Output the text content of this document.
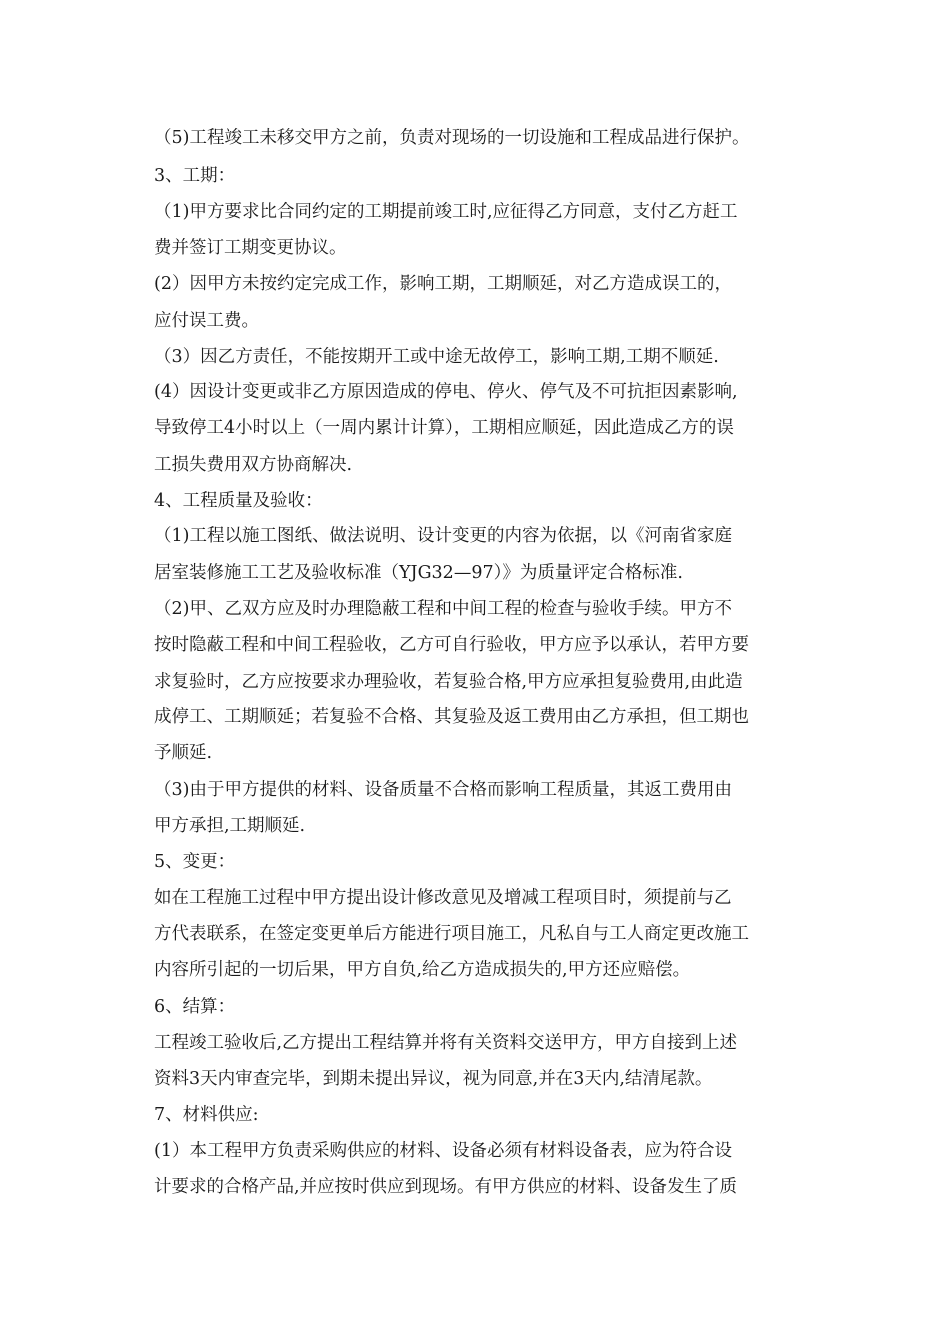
（5)工程竣工未移交甲方之前，负责对现场的一切设施和工程成品进行保护。
3、工期：
（1)甲方要求比合同约定的工期提前竣工时,应征得乙方同意，支付乙方赶工
费并签订工期变更协议。
(2）因甲方未按约定完成工作，影响工期，工期顺延，对乙方造成误工的，
应付误工费。
（3）因乙方责任，不能按期开工或中途无故停工，影响工期,工期不顺延.
(4）因设计变更或非乙方原因造成的停电、停火、停气及不可抗拒因素影响,
导致停工4小时以上（一周内累计计算），工期相应顺延，因此造成乙方的误
工损失费用双方协商解决.
4、工程质量及验收：
（1)工程以施工图纸、做法说明、设计变更的内容为依据，以《河南省家庭
居室装修施工工艺及验收标准（YJG32—97）》为质量评定合格标准.
（2)甲、乙双方应及时办理隐蔽工程和中间工程的检查与验收手续。甲方不
按时隐蔽工程和中间工程验收，乙方可自行验收，甲方应予以承认，若甲方要
求复验时，乙方应按要求办理验收，若复验合格,甲方应承担复验费用,由此造
成停工、工期顺延；若复验不合格、其复验及返工费用由乙方承担，但工期也
予顺延.
（3)由于甲方提供的材料、设备质量不合格而影响工程质量，其返工费用由
甲方承担,工期顺延.
5、变更：
如在工程施工过程中甲方提出设计修改意见及增减工程项目时，须提前与乙
方代表联系，在签定变更单后方能进行项目施工，凡私自与工人商定更改施工
内容所引起的一切后果，甲方自负,给乙方造成损失的,甲方还应赔偿。
6、结算：
工程竣工验收后,乙方提出工程结算并将有关资料交送甲方，甲方自接到上述
资料3天内审查完毕，到期未提出异议，视为同意,并在3天内,结清尾款。
7、材料供应:
(1）本工程甲方负责采购供应的材料、设备必须有材料设备表，应为符合设
计要求的合格产品,并应按时供应到现场。有甲方供应的材料、设备发生了质
